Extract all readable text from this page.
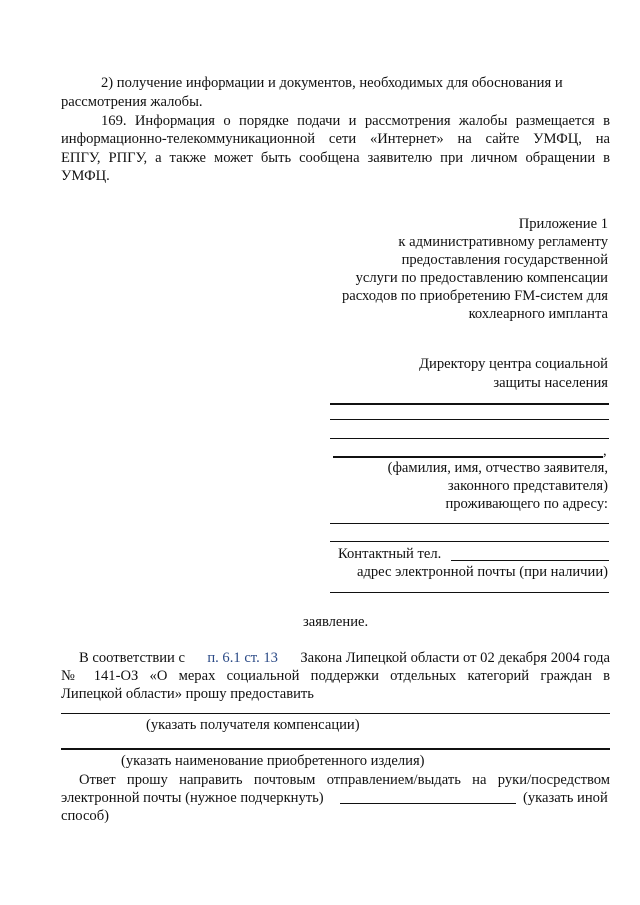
2) получение информации и документов, необходимых для обоснования и
рассмотрения жалобы.
169. Информация о порядке подачи и рассмотрения жалобы размещается в
информационно-телекоммуникационной сети «Интернет» на сайте УМФЦ, на
ЕПГУ, РПГУ, а также может быть сообщена заявителю при личном обращении в
УМФЦ.
Приложение 1
к административному регламенту
предоставления государственной
услуги по предоставлению компенсации
расходов по приобретению FM-систем для
кохлеарного импланта
Директору центра социальной
защиты населения
,
(фамилия, имя, отчество заявителя,
законного представителя)
проживающего по адресу:
Контактный тел.
адрес электронной почты (при наличии)
заявление.
В соответствии с п. 6.1 ст. 13 Закона Липецкой области от 02 декабря 2004 года
№ 141-ОЗ «О мерах социальной поддержки отдельных категорий граждан в
Липецкой области» прошу предоставить
(указать получателя компенсации)
(указать наименование приобретенного изделия)
Ответ прошу направить почтовым отправлением/выдать на руки/посредством
электронной почты (нужное подчеркнуть)	(указать иной
способ)
